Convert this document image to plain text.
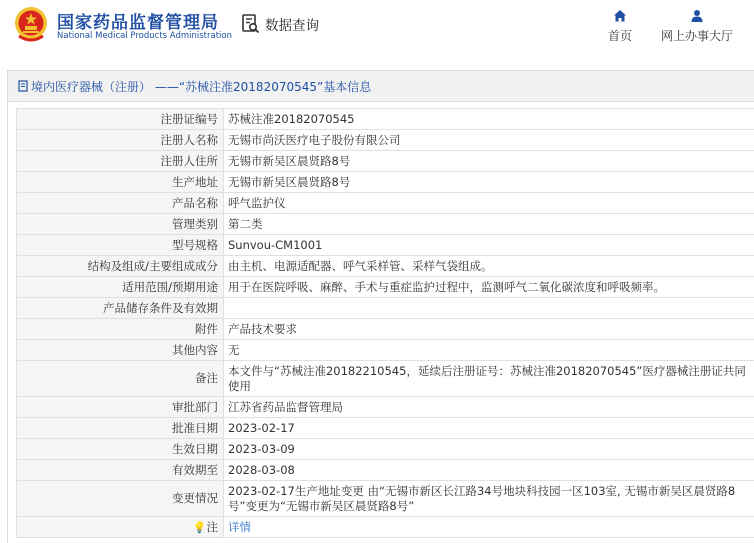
国家药品监督管理局
National Medical Products Administration
数据查询
首页	网上办事大厅
境内医疗器械（注册） ——“苏械注准20182070545”基本信息
注册证编号	苏械注准20182070545
注册人名称	无锡市尚沃医疗电子股份有限公司
注册人住所	无锡市新吴区晨贤路8号
生产地址	无锡市新吴区晨贤路8号
产品名称	呼气监护仪
管理类别	第二类
型号规格	Sunvou-CM1001
结构及组成/主要组成成分	由主机、电源适配器、呼气采样管、采样气袋组成。
适用范围/预期用途	用于在医院呼吸、麻醉、手术与重症监护过程中，监测呼气二氧化碳浓度和呼吸频率。
产品储存条件及有效期	
附件	产品技术要求
其他内容	无
备注	本文件与“苏械注准20182210545，延续后注册证号：苏械注准20182070545”医疗器械注册证共同使用
审批部门	江苏省药品监督管理局
批准日期	2023-02-17
生效日期	2023-03-09
有效期至	2028-03-08
变更情况	2023-02-17生产地址变更 由“无锡市新区长江路34号地块科技园一区103室, 无锡市新吴区晨贤路8号”变更为“无锡市新吴区晨贤路8号”
💡注	详情
